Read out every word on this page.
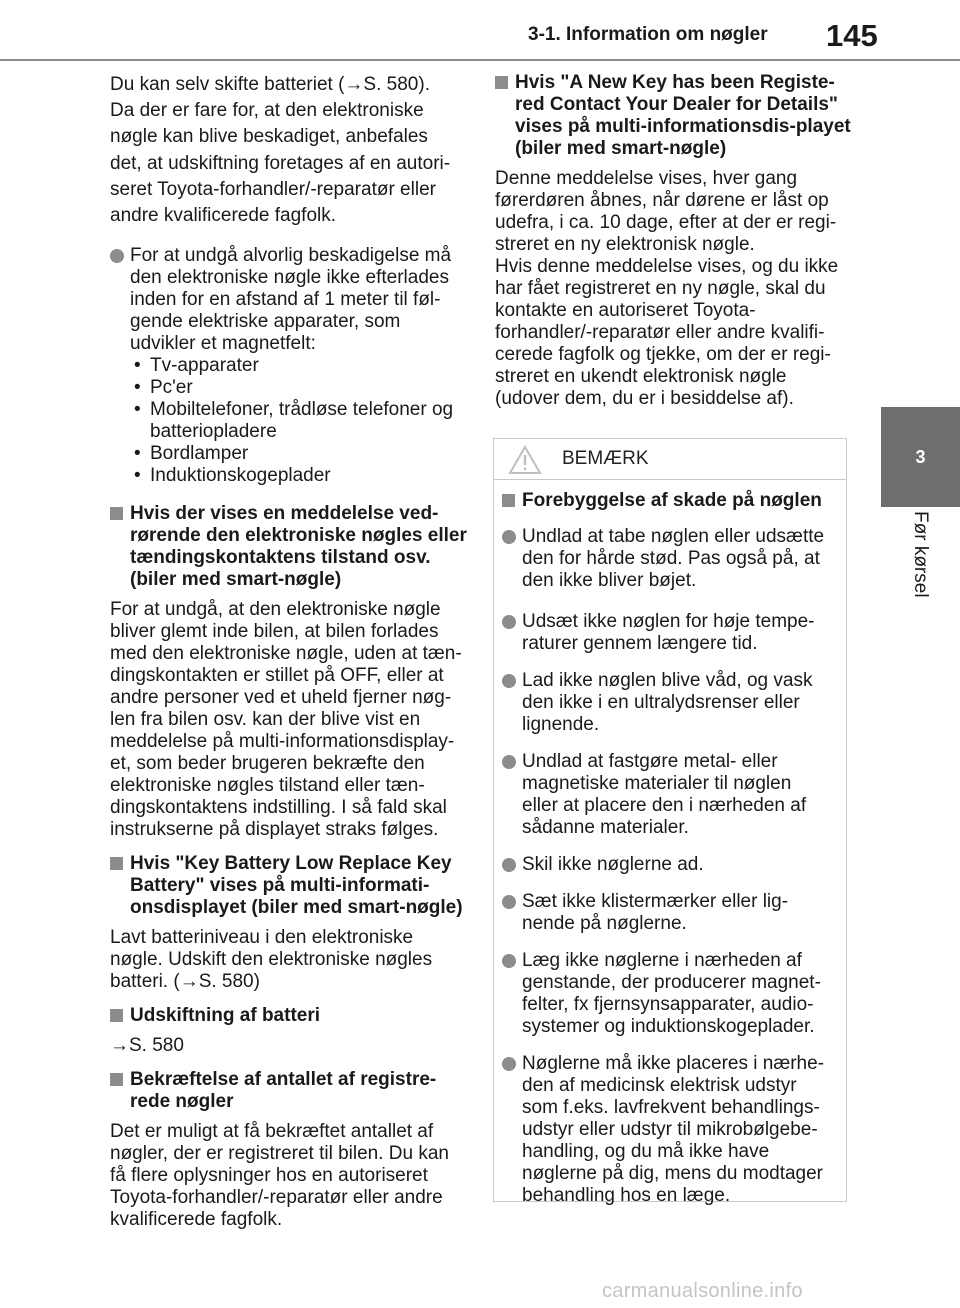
3-1. Information om nøgler 145
3
Før kørsel

Du kan selv skifte batteriet (→S. 580).

Da der er fare for, at den elektroniske

nøgle kan blive beskadiget, anbefales

det, at udskiftning foretages af en autori-

seret Toyota-forhandler/-reparatør eller

andre kvalificerede fagfolk.

For at undgå alvorlig beskadigelse må den elektroniske nøgle ikke efterlades inden for en afstand af 1 meter til føl-gende elektriske apparater, som udvikler et magnetfelt:
• Tv-apparater
• Pc'er
• Mobiltelefoner, trådløse telefoner og batteriopladere
• Bordlamper
• Induktionskogeplader
Hvis der vises en meddelelse ved-rørende den elektroniske nøgles eller tændingskontaktens tilstand osv. (biler med smart-nøgle)
For at undgå, at den elektroniske nøgle bliver glemt inde bilen, at bilen forlades med den elektroniske nøgle, uden at tæn-dingskontakten er stillet på OFF, eller at andre personer ved et uheld fjerner nøg-len fra bilen osv. kan der blive vist en meddelelse på multi-informationsdisplay-et, som beder brugeren bekræfte den elektroniske nøgles tilstand eller tæn-dingskontaktens indstilling. I så fald skal instrukserne på displayet straks følges.
Hvis "Key Battery Low Replace Key Battery" vises på multi-informati-onsdisplayet (biler med smart-nøgle)
Lavt batteriniveau i den elektroniske nøgle. Udskift den elektroniske nøgles batteri. (→S. 580)
Udskiftning af batteri
→S. 580
Bekræftelse af antallet af registre-rede nøgler
Det er muligt at få bekræftet antallet af nøgler, der er registreret til bilen. Du kan få flere oplysninger hos en autoriseret Toyota-forhandler/-reparatør eller andre kvalificerede fagfolk.
Hvis "A New Key has been Registe-red Contact Your Dealer for Details" vises på multi-informationsdis-playet (biler med smart-nøgle)
Denne meddelelse vises, hver gang førerdøren åbnes, når dørene er låst op udefra, i ca. 10 dage, efter at der er regi-streret en ny elektronisk nøgle.
Hvis denne meddelelse vises, og du ikke har fået registreret en ny nøgle, skal du kontakte en autoriseret Toyota-forhandler/-reparatør eller andre kvalifi-cerede fagfolk og tjekke, om der er regi-streret en ukendt elektronisk nøgle (udover dem, du er i besiddelse af).
BEMÆRK
Forebyggelse af skade på nøglen
Undlad at tabe nøglen eller udsætte den for hårde stød. Pas også på, at den ikke bliver bøjet.
Udsæt ikke nøglen for høje tempe-raturer gennem længere tid.
Lad ikke nøglen blive våd, og vask den ikke i en ultralydsrenser eller lignende.
Undlad at fastgøre metal- eller magnetiske materialer til nøglen eller at placere den i nærheden af sådanne materialer.
Skil ikke nøglerne ad.
Sæt ikke klistermærker eller lig-nende på nøglerne.
Læg ikke nøglerne i nærheden af genstande, der producerer magnet-felter, fx fjernsynsapparater, audio-systemer og induktionskogeplader.
Nøglerne må ikke placeres i nærhe-den af medicinsk elektrisk udstyr som f.eks. lavfrekvent behandlings-udstyr eller udstyr til mikrobølgebe-handling, og du må ikke have nøglerne på dig, mens du modtager behandling hos en læge.
carmanualsonline.info
